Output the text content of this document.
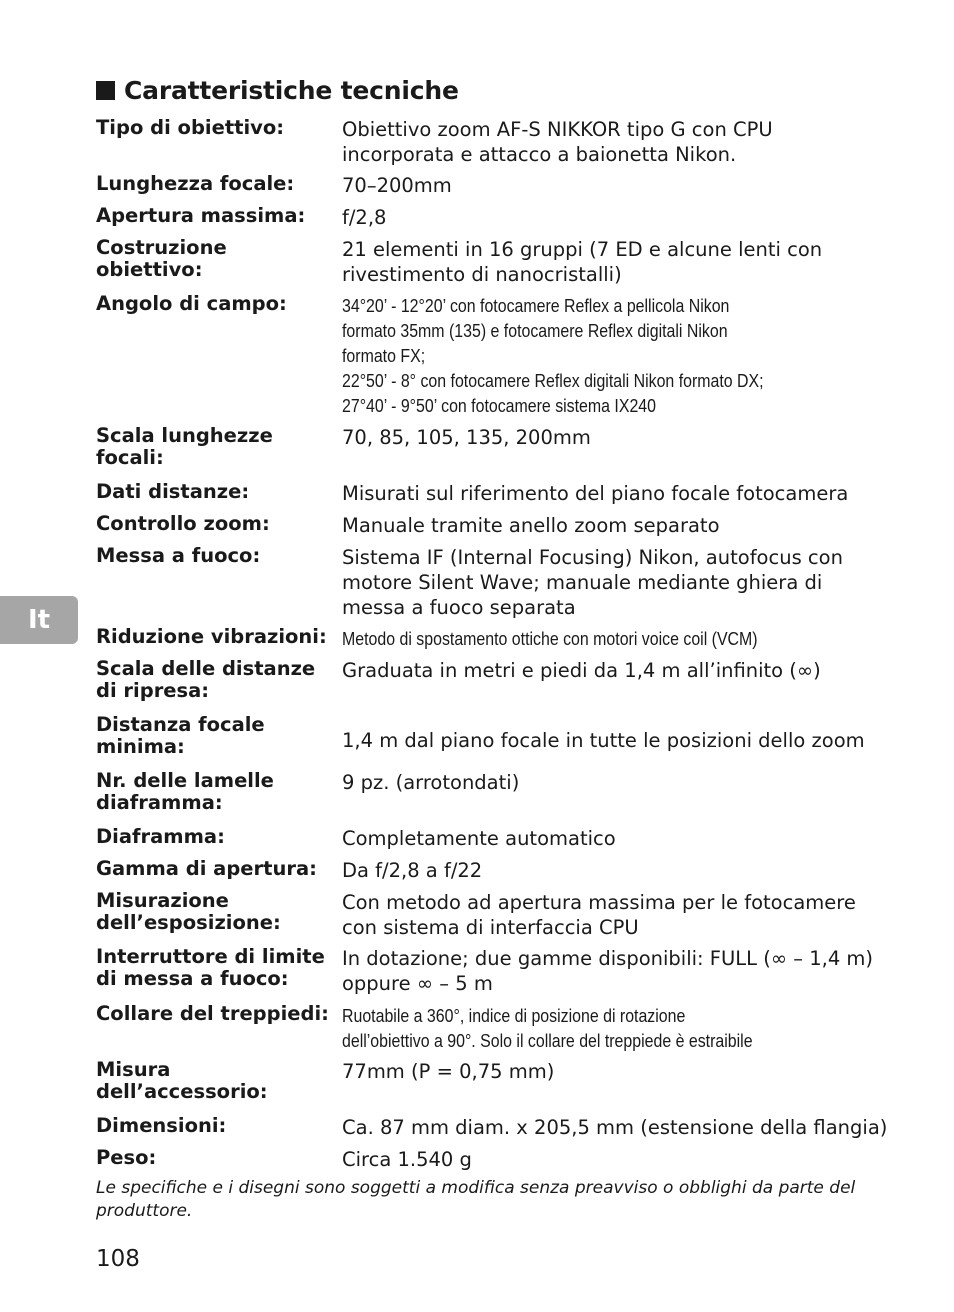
Caratteristiche tecniche
Tipo di obiettivo:	Obiettivo zoom AF-S NIKKOR tipo G con CPU
incorporata e attacco a baionetta Nikon.
Lunghezza focale:	70–200mm
Apertura massima:	f/2,8
Costruzione obiettivo:
21 elementi in 16 gruppi (7 ED e alcune lenti con
rivestimento di nanocristalli)
Angolo di campo:	34°20’ - 12°20’ con fotocamere Reflex a pellicola Nikon
formato 35mm (135) e fotocamere Reflex digitali Nikon
formato FX;
22°50’ - 8° con fotocamere Reflex digitali Nikon formato DX;
27°40’ - 9°50’ con fotocamere sistema IX240
Scala lunghezze focali:
70, 85, 105, 135, 200mm
Dati distanze:	Misurati sul riferimento del piano focale fotocamera
Controllo zoom:	Manuale tramite anello zoom separato
Messa a fuoco:	Sistema IF (Internal Focusing) Nikon, autofocus con
motore Silent Wave; manuale mediante ghiera di
messa a fuoco separata
Riduzione vibrazioni: Metodo di spostamento ottiche con motori voice coil (VCM)
Scala delle distanze di ripresa:
Graduata in metri e piedi da 1,4 m all’infinito (∞)
Distanza focale minima:	1,4 m dal piano focale in tutte le posizioni dello zoom
Nr. delle lamelle diaframma:
9 pz. (arrotondati)
Diaframma:	Completamente automatico
Gamma di apertura:	Da f/2,8 a f/22
Misurazione dell’esposizione:
Con metodo ad apertura massima per le fotocamere
con sistema di interfaccia CPU
Interruttore di limite di messa a fuoco:
In dotazione; due gamme disponibili: FULL (∞ – 1,4 m)
oppure ∞ – 5 m
Collare del treppiedi: Ruotabile a 360°, indice di posizione di rotazione
dell’obiettivo a 90°. Solo il collare del treppiede è estraibile
Misura dell’accessorio:
77mm (P = 0,75 mm)
Dimensioni:	Ca. 87 mm diam. x 205,5 mm (estensione della flangia)
Peso:	Circa 1.540 g
Le specifiche e i disegni sono soggetti a modifica senza preavviso o obblighi da parte del produttore.
108
It
